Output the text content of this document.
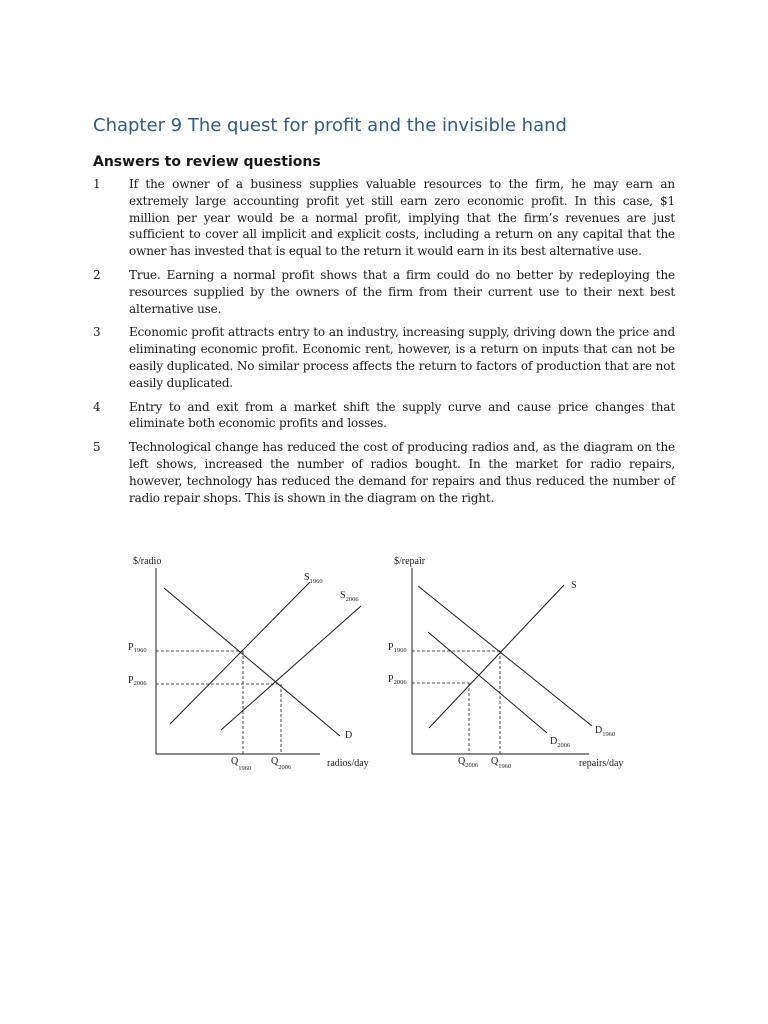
Chapter 9 The quest for profit and the invisible hand
Answers to review questions
1	If the owner of a business supplies valuable resources to the firm, he may earn an extremely large accounting profit yet still earn zero economic profit. In this case, $1 million per year would be a normal profit, implying that the firm’s revenues are just sufficient to cover all implicit and explicit costs, including a return on any capital that the owner has invested that is equal to the return it would earn in its best alternative use.
2	True. Earning a normal profit shows that a firm could do no better by redeploying the resources supplied by the owners of the firm from their current use to their next best alternative use.
3	Economic profit attracts entry to an industry, increasing supply, driving down the price and eliminating economic profit. Economic rent, however, is a return on inputs that can not be easily duplicated. No similar process affects the return to factors of production that are not easily duplicated.
4	Entry to and exit from a market shift the supply curve and cause price changes that eliminate both economic profits and losses.
5	Technological change has reduced the cost of producing radios and, as the diagram on the left shows, increased the number of radios bought. In the market for radio repairs, however, technology has reduced the demand for repairs and thus reduced the number of radio repair shops. This is shown in the diagram on the right.
$/radio
radios/day
S1960
S2006
D
P1960
P2006
$Q_{1960}$
$Q_{2006}$
$/repair
repairs/day
S
D1960
D2006
P1960
P2006
Q2006 $Q_{1960}$
